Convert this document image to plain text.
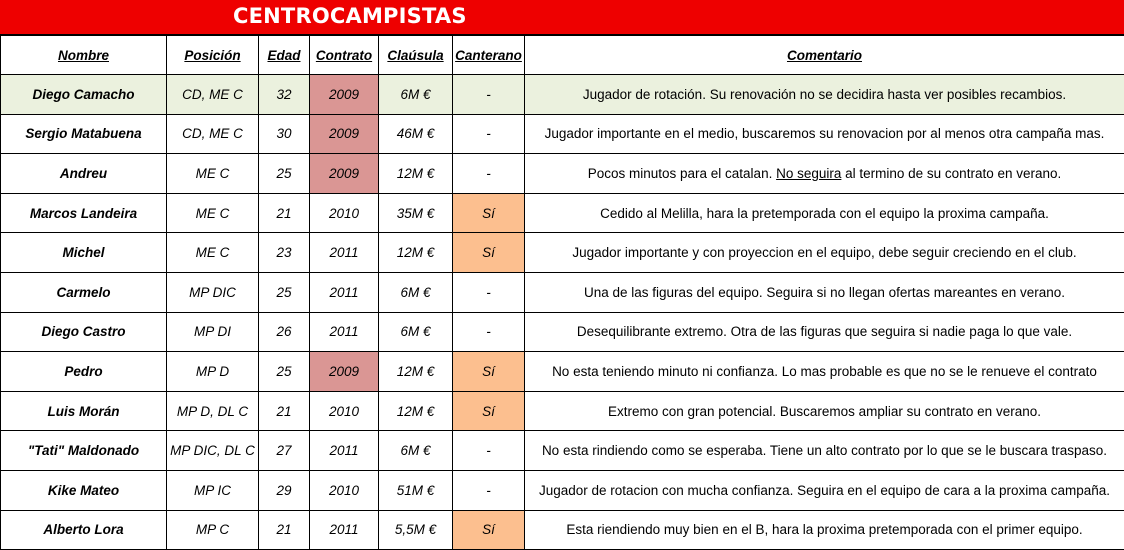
CENTROCAMPISTAS
Nombre	Posición	Edad	Contrato	Claúsula	Canterano	Comentario
Diego Camacho	CD, ME C	32	2009	6M €	-	Jugador de rotación. Su renovación no se decidira hasta ver posibles recambios.
Sergio Matabuena	CD, ME C	30	2009	46M €	-	Jugador importante en el medio, buscaremos su renovacion por al menos otra campaña mas.
Andreu	ME C	25	2009	12M €	-	Pocos minutos para el catalan. No seguira al termino de su contrato en verano.
Marcos Landeira	ME C	21	2010	35M €	Sí	Cedido al Melilla, hara la pretemporada con el equipo la proxima campaña.
Michel	ME C	23	2011	12M €	Sí	Jugador importante y con proyeccion en el equipo, debe seguir creciendo en el club.
Carmelo	MP DIC	25	2011	6M €	-	Una de las figuras del equipo. Seguira si no llegan ofertas mareantes en verano.
Diego Castro	MP DI	26	2011	6M €	-	Desequilibrante extremo. Otra de las figuras que seguira si nadie paga lo que vale.
Pedro	MP D	25	2009	12M €	Sí	No esta teniendo minuto ni confianza. Lo mas probable es que no se le renueve el contrato
Luis Morán	MP D, DL C	21	2010	12M €	Sí	Extremo con gran potencial. Buscaremos ampliar su contrato en verano.
"Tati" Maldonado	MP DIC, DL C	27	2011	6M €	-	No esta rindiendo como se esperaba. Tiene un alto contrato por lo que se le buscara traspaso.
Kike Mateo	MP IC	29	2010	51M €	-	Jugador de rotacion con mucha confianza. Seguira en el equipo de cara a la proxima campaña.
Alberto Lora	MP C	21	2011	5,5M €	Sí	Esta riendiendo muy bien en el B, hara la proxima pretemporada con el primer equipo.
